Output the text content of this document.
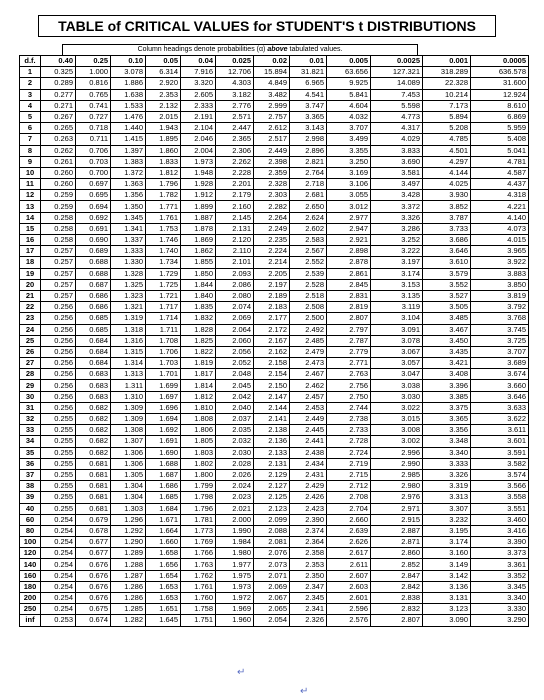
TABLE of CRITICAL VALUES for STUDENT'S t DISTRIBUTIONS
Column headings denote probabilities (α) above tabulated values.
d.f.	0.40	0.25	0.10	0.05	0.04	0.025	0.02	0.01	0.005	0.0025	0.001	0.0005
1	0.325	1.000	3.078	6.314	7.916	12.706	15.894	31.821	63.656	127.321	318.289	636.578
2	0.289	0.816	1.886	2.920	3.320	4.303	4.849	6.965	9.925	14.089	22.328	31.600
3	0.277	0.765	1.638	2.353	2.605	3.182	3.482	4.541	5.841	7.453	10.214	12.924
4	0.271	0.741	1.533	2.132	2.333	2.776	2.999	3.747	4.604	5.598	7.173	8.610
5	0.267	0.727	1.476	2.015	2.191	2.571	2.757	3.365	4.032	4.773	5.894	6.869
6	0.265	0.718	1.440	1.943	2.104	2.447	2.612	3.143	3.707	4.317	5.208	5.959
7	0.263	0.711	1.415	1.895	2.046	2.365	2.517	2.998	3.499	4.029	4.785	5.408
8	0.262	0.706	1.397	1.860	2.004	2.306	2.449	2.896	3.355	3.833	4.501	5.041
9	0.261	0.703	1.383	1.833	1.973	2.262	2.398	2.821	3.250	3.690	4.297	4.781
10	0.260	0.700	1.372	1.812	1.948	2.228	2.359	2.764	3.169	3.581	4.144	4.587
11	0.260	0.697	1.363	1.796	1.928	2.201	2.328	2.718	3.106	3.497	4.025	4.437
12	0.259	0.695	1.356	1.782	1.912	2.179	2.303	2.681	3.055	3.428	3.930	4.318
13	0.259	0.694	1.350	1.771	1.899	2.160	2.282	2.650	3.012	3.372	3.852	4.221
14	0.258	0.692	1.345	1.761	1.887	2.145	2.264	2.624	2.977	3.326	3.787	4.140
15	0.258	0.691	1.341	1.753	1.878	2.131	2.249	2.602	2.947	3.286	3.733	4.073
16	0.258	0.690	1.337	1.746	1.869	2.120	2.235	2.583	2.921	3.252	3.686	4.015
17	0.257	0.689	1.333	1.740	1.862	2.110	2.224	2.567	2.898	3.222	3.646	3.965
18	0.257	0.688	1.330	1.734	1.855	2.101	2.214	2.552	2.878	3.197	3.610	3.922
19	0.257	0.688	1.328	1.729	1.850	2.093	2.205	2.539	2.861	3.174	3.579	3.883
20	0.257	0.687	1.325	1.725	1.844	2.086	2.197	2.528	2.845	3.153	3.552	3.850
21	0.257	0.686	1.323	1.721	1.840	2.080	2.189	2.518	2.831	3.135	3.527	3.819
22	0.256	0.686	1.321	1.717	1.835	2.074	2.183	2.508	2.819	3.119	3.505	3.792
23	0.256	0.685	1.319	1.714	1.832	2.069	2.177	2.500	2.807	3.104	3.485	3.768
24	0.256	0.685	1.318	1.711	1.828	2.064	2.172	2.492	2.797	3.091	3.467	3.745
25	0.256	0.684	1.316	1.708	1.825	2.060	2.167	2.485	2.787	3.078	3.450	3.725
26	0.256	0.684	1.315	1.706	1.822	2.056	2.162	2.479	2.779	3.067	3.435	3.707
27	0.256	0.684	1.314	1.703	1.819	2.052	2.158	2.473	2.771	3.057	3.421	3.689
28	0.256	0.683	1.313	1.701	1.817	2.048	2.154	2.467	2.763	3.047	3.408	3.674
29	0.256	0.683	1.311	1.699	1.814	2.045	2.150	2.462	2.756	3.038	3.396	3.660
30	0.256	0.683	1.310	1.697	1.812	2.042	2.147	2.457	2.750	3.030	3.385	3.646
31	0.256	0.682	1.309	1.696	1.810	2.040	2.144	2.453	2.744	3.022	3.375	3.633
32	0.255	0.682	1.309	1.694	1.808	2.037	2.141	2.449	2.738	3.015	3.365	3.622
33	0.255	0.682	1.308	1.692	1.806	2.035	2.138	2.445	2.733	3.008	3.356	3.611
34	0.255	0.682	1.307	1.691	1.805	2.032	2.136	2.441	2.728	3.002	3.348	3.601
35	0.255	0.682	1.306	1.690	1.803	2.030	2.133	2.438	2.724	2.996	3.340	3.591
36	0.255	0.681	1.306	1.688	1.802	2.028	2.131	2.434	2.719	2.990	3.333	3.582
37	0.255	0.681	1.305	1.687	1.800	2.026	2.129	2.431	2.715	2.985	3.326	3.574
38	0.255	0.681	1.304	1.686	1.799	2.024	2.127	2.429	2.712	2.980	3.319	3.566
39	0.255	0.681	1.304	1.685	1.798	2.023	2.125	2.426	2.708	2.976	3.313	3.558
40	0.255	0.681	1.303	1.684	1.796	2.021	2.123	2.423	2.704	2.971	3.307	3.551
60	0.254	0.679	1.296	1.671	1.781	2.000	2.099	2.390	2.660	2.915	3.232	3.460
80	0.254	0.678	1.292	1.664	1.773	1.990	2.088	2.374	2.639	2.887	3.195	3.416
100	0.254	0.677	1.290	1.660	1.769	1.984	2.081	2.364	2.626	2.871	3.174	3.390
120	0.254	0.677	1.289	1.658	1.766	1.980	2.076	2.358	2.617	2.860	3.160	3.373
140	0.254	0.676	1.288	1.656	1.763	1.977	2.073	2.353	2.611	2.852	3.149	3.361
160	0.254	0.676	1.287	1.654	1.762	1.975	2.071	2.350	2.607	2.847	3.142	3.352
180	0.254	0.676	1.286	1.653	1.761	1.973	2.069	2.347	2.603	2.842	3.136	3.345
200	0.254	0.676	1.286	1.653	1.760	1.972	2.067	2.345	2.601	2.838	3.131	3.340
250	0.254	0.675	1.285	1.651	1.758	1.969	2.065	2.341	2.596	2.832	3.123	3.330
inf	0.253	0.674	1.282	1.645	1.751	1.960	2.054	2.326	2.576	2.807	3.090	3.290
↵
↵
